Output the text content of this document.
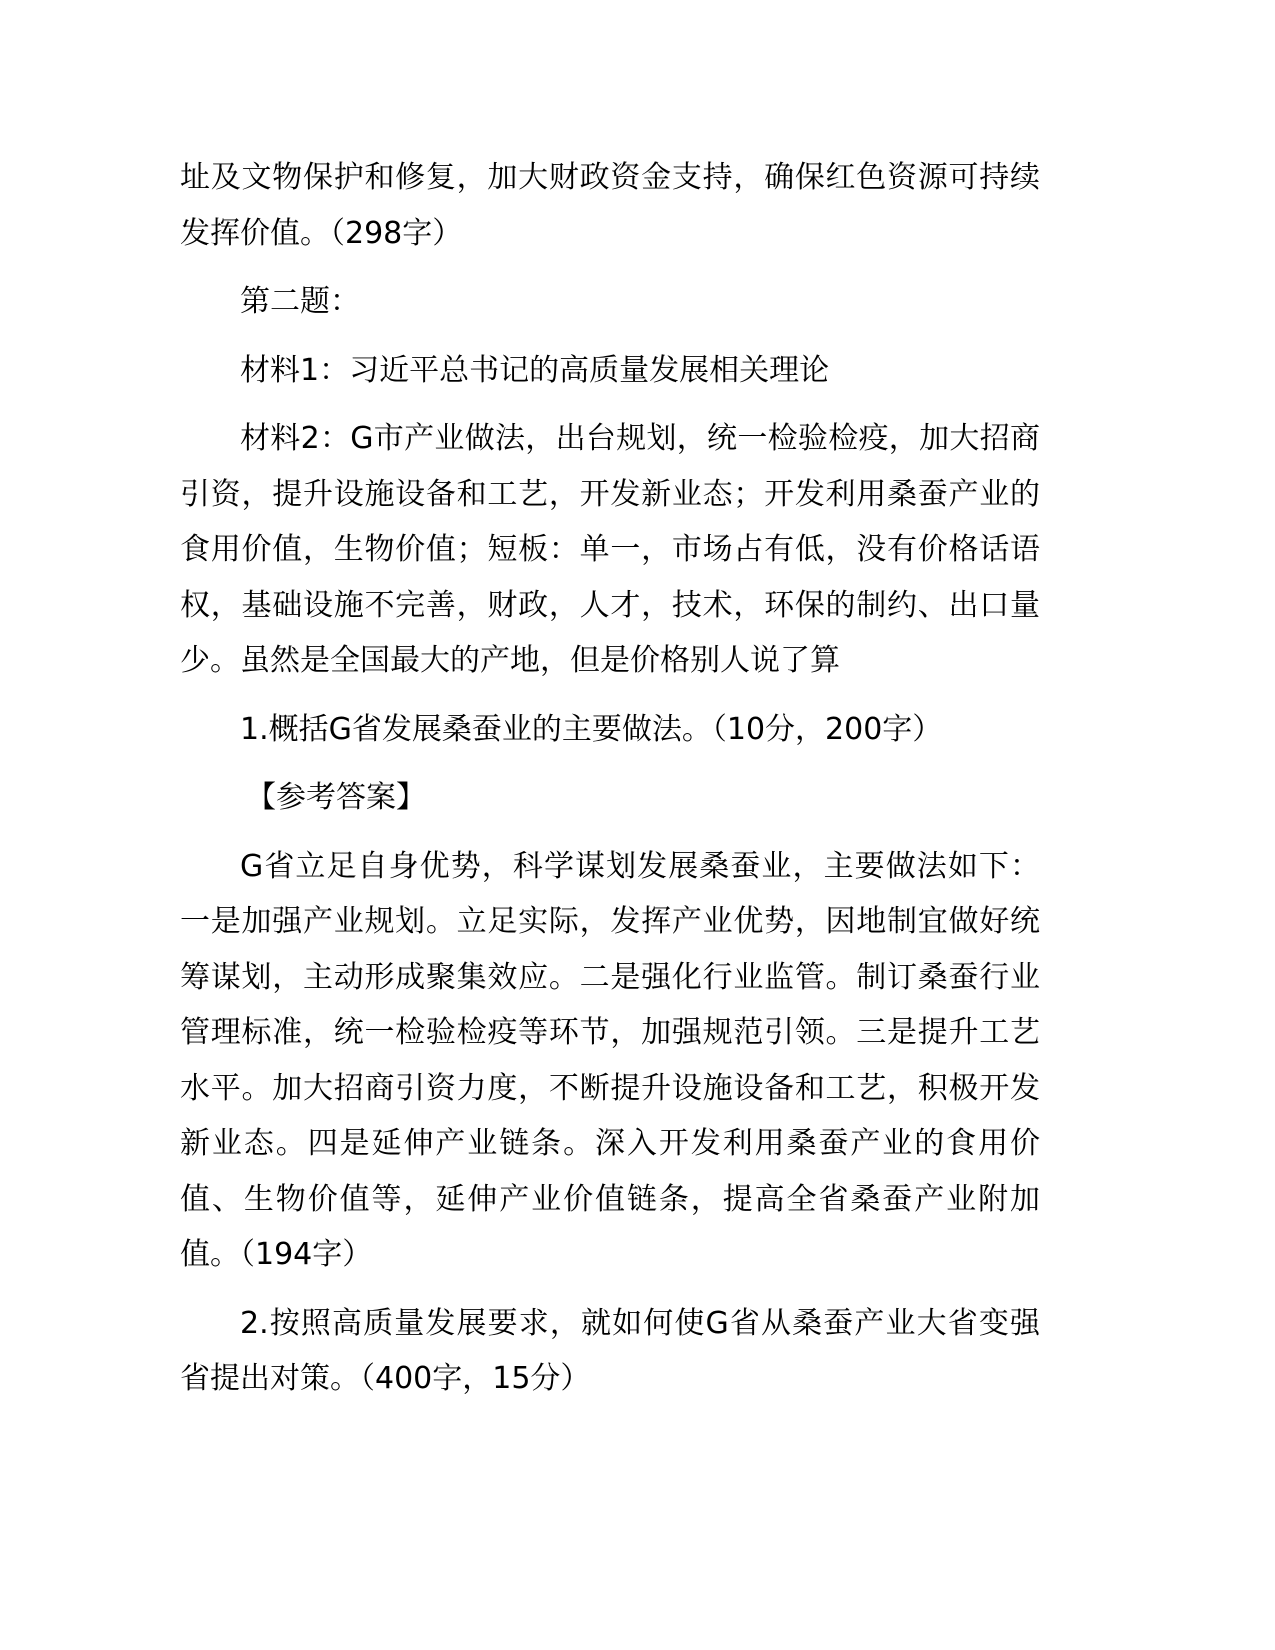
址及文物保护和修复，加大财政资金支持，确保红色资源可持续发挥价值。（298字）

第二题：

材料1：习近平总书记的高质量发展相关理论

材料2：G市产业做法，出台规划，统一检验检疫，加大招商引资，提升设施设备和工艺，开发新业态；开发利用桑蚕产业的食用价值，生物价值；短板：单一，市场占有低，没有价格话语权，基础设施不完善，财政，人才，技术，环保的制约、出口量少。虽然是全国最大的产地，但是价格别人说了算

1.概括G省发展桑蚕业的主要做法。（10分，200字）

【参考答案】

G省立足自身优势，科学谋划发展桑蚕业，主要做法如下：一是加强产业规划。立足实际，发挥产业优势，因地制宜做好统筹谋划，主动形成聚集效应。二是强化行业监管。制订桑蚕行业管理标准，统一检验检疫等环节，加强规范引领。三是提升工艺水平。加大招商引资力度，不断提升设施设备和工艺，积极开发新业态。四是延伸产业链条。深入开发利用桑蚕产业的食用价值、生物价值等，延伸产业价值链条，提高全省桑蚕产业附加值。（194字）

2.按照高质量发展要求，就如何使G省从桑蚕产业大省变强省提出对策。（400字，15分）
